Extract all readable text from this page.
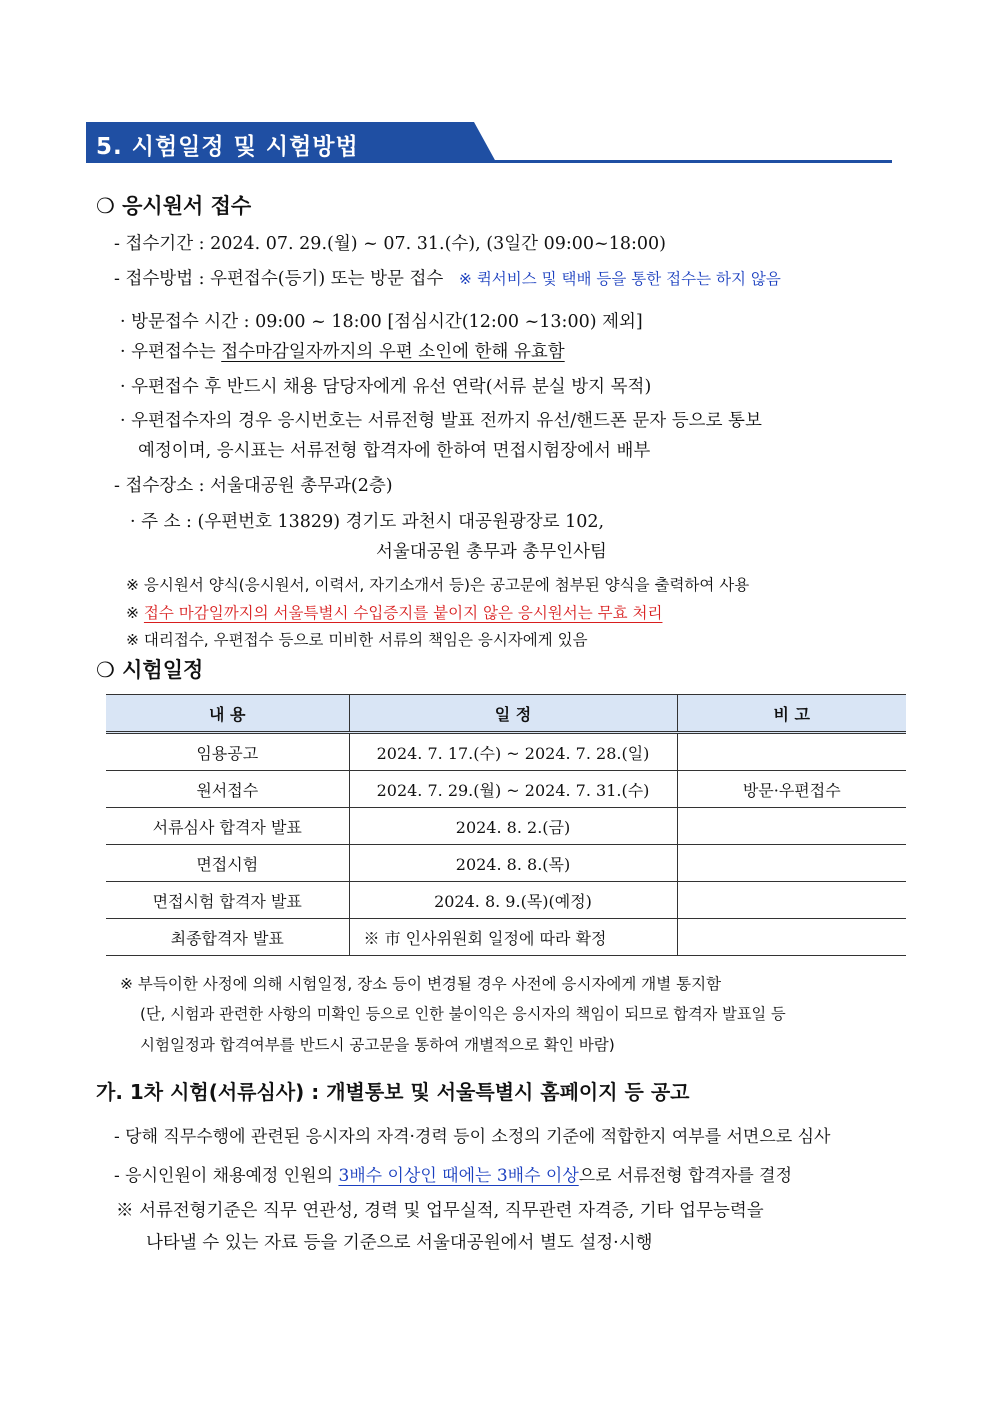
5. 시험일정 및 시험방법
❍ 응시원서 접수
- 접수기간 : 2024. 07. 29.(월) ~ 07. 31.(수), (3일간 09:00~18:00)
- 접수방법 : 우편접수(등기) 또는 방문 접수 ※ 퀵서비스 및 택배 등을 통한 접수는 하지 않음
· 방문접수 시간 : 09:00 ~ 18:00 [점심시간(12:00 ~13:00) 제외]
· 우편접수는 접수마감일자까지의 우편 소인에 한해 유효함
· 우편접수 후 반드시 채용 담당자에게 유선 연락(서류 분실 방지 목적)
· 우편접수자의 경우 응시번호는 서류전형 발표 전까지 유선/핸드폰 문자 등으로 통보
예정이며, 응시표는 서류전형 합격자에 한하여 면접시험장에서 배부
- 접수장소 : 서울대공원 총무과(2층)
· 주 소 : (우편번호 13829) 경기도 과천시 대공원광장로 102,
서울대공원 총무과 총무인사팀
※ 응시원서 양식(응시원서, 이력서, 자기소개서 등)은 공고문에 첨부된 양식을 출력하여 사용
※ 접수 마감일까지의 서울특별시 수입증지를 붙이지 않은 응시원서는 무효 처리
※ 대리접수, 우편접수 등으로 미비한 서류의 책임은 응시자에게 있음
❍ 시험일정
내 용	일 정	비 고
임용공고	2024. 7. 17.(수) ~ 2024. 7. 28.(일)	
원서접수	2024. 7. 29.(월) ~ 2024. 7. 31.(수)	방문·우편접수
서류심사 합격자 발표	2024. 8. 2.(금)	
면접시험	2024. 8. 8.(목)	
면접시험 합격자 발표	2024. 8. 9.(목)(예정)	
최종합격자 발표	※ 市 인사위원회 일정에 따라 확정	
※ 부득이한 사정에 의해 시험일정, 장소 등이 변경될 경우 사전에 응시자에게 개별 통지함
(단, 시험과 관련한 사항의 미확인 등으로 인한 불이익은 응시자의 책임이 되므로 합격자 발표일 등
시험일정과 합격여부를 반드시 공고문을 통하여 개별적으로 확인 바람)
가. 1차 시험(서류심사) : 개별통보 및 서울특별시 홈페이지 등 공고
- 당해 직무수행에 관련된 응시자의 자격·경력 등이 소정의 기준에 적합한지 여부를 서면으로 심사
- 응시인원이 채용예정 인원의 3배수 이상인 때에는 3배수 이상으로 서류전형 합격자를 결정
※ 서류전형기준은 직무 연관성, 경력 및 업무실적, 직무관련 자격증, 기타 업무능력을
나타낼 수 있는 자료 등을 기준으로 서울대공원에서 별도 설정·시행
